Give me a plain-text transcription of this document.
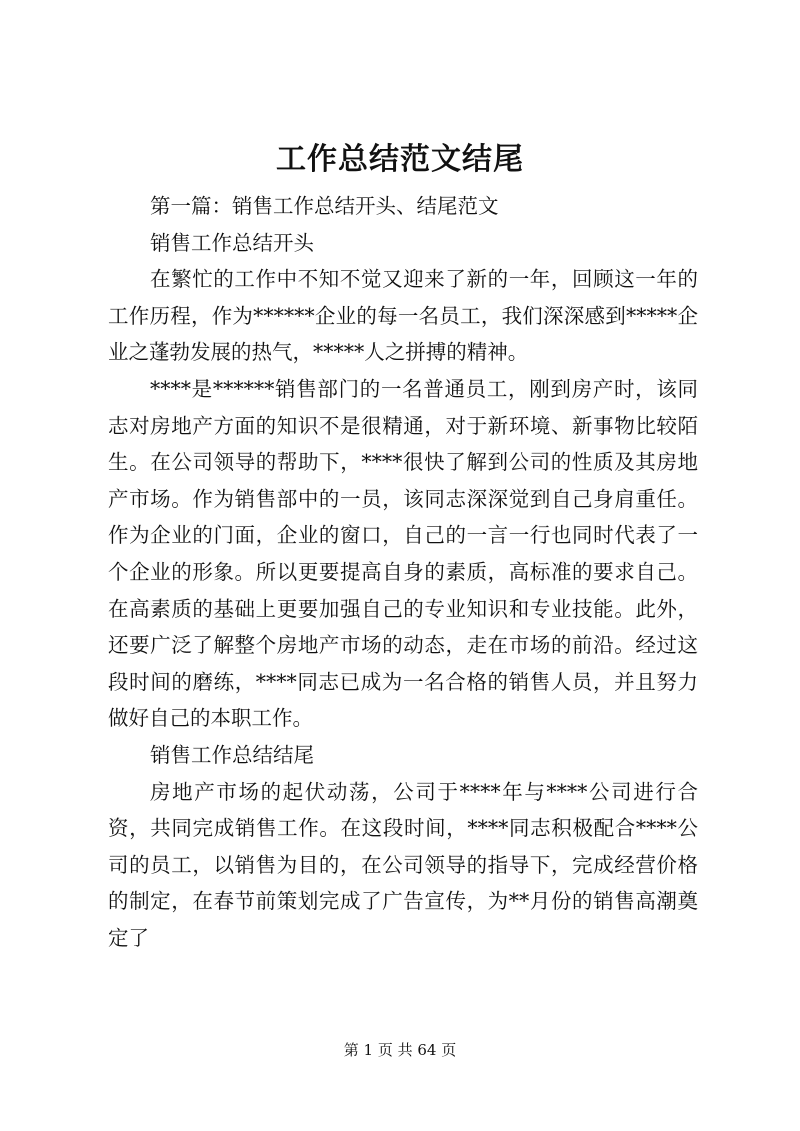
工作总结范文结尾

第一篇：销售工作总结开头、结尾范文

销售工作总结开头

在繁忙的工作中不知不觉又迎来了新的一年，回顾这一年的工作历程，作为******企业的每一名员工，我们深深感到*****企业之蓬勃发展的热气，*****人之拼搏的精神。

****是******销售部门的一名普通员工，刚到房产时，该同志对房地产方面的知识不是很精通，对于新环境、新事物比较陌生。在公司领导的帮助下，****很快了解到公司的性质及其房地产市场。作为销售部中的一员，该同志深深觉到自己身肩重任。作为企业的门面，企业的窗口，自己的一言一行也同时代表了一个企业的形象。所以更要提高自身的素质，高标准的要求自己。在高素质的基础上更要加强自己的专业知识和专业技能。此外，还要广泛了解整个房地产市场的动态，走在市场的前沿。经过这段时间的磨练，****同志已成为一名合格的销售人员，并且努力做好自己的本职工作。

销售工作总结结尾

房地产市场的起伏动荡，公司于****年与****公司进行合资，共同完成销售工作。在这段时间，****同志积极配合****公司的员工，以销售为目的，在公司领导的指导下，完成经营价格的制定，在春节前策划完成了广告宣传，为**月份的销售高潮奠定了

第 1 页 共 64 页
